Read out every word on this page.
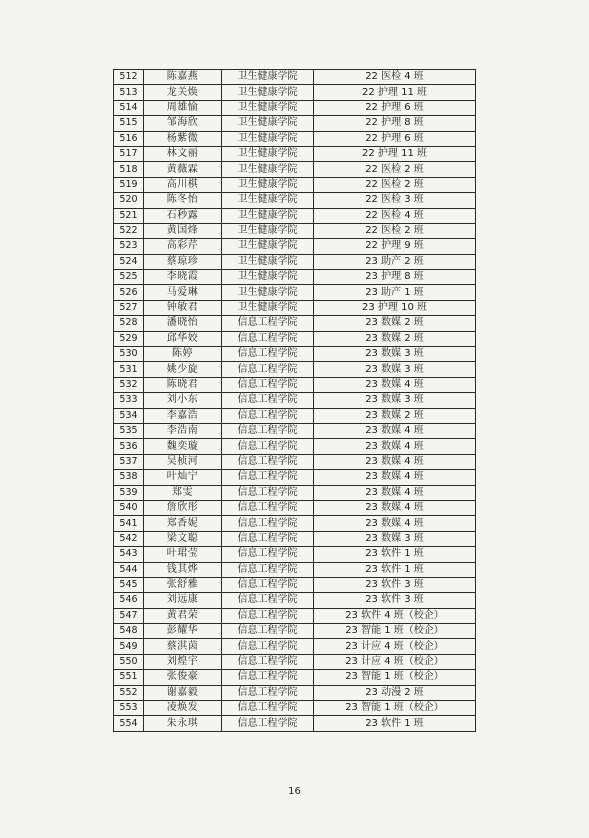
512	陈嘉燕	卫生健康学院	22 医检 4 班
513	龙关焕	卫生健康学院	22 护理 11 班
514	周雄愉	卫生健康学院	22 护理 6 班
515	邹海欣	卫生健康学院	22 护理 8 班
516	杨紫微	卫生健康学院	22 护理 6 班
517	林文丽	卫生健康学院	22 护理 11 班
518	黄薇霖	卫生健康学院	22 医检 2 班
519	高川棋	卫生健康学院	22 医检 2 班
520	陈冬怡	卫生健康学院	22 医检 3 班
521	石秒露	卫生健康学院	22 医检 4 班
522	黄国烽	卫生健康学院	22 医检 2 班
523	高彩芹	卫生健康学院	22 护理 9 班
524	蔡琼珍	卫生健康学院	23 助产 2 班
525	李晓霞	卫生健康学院	23 护理 8 班
526	马爱琳	卫生健康学院	23 助产 1 班
527	钟敏君	卫生健康学院	23 护理 10 班
528	潘晓怡	信息工程学院	23 数媒 2 班
529	邱华姣	信息工程学院	23 数媒 2 班
530	陈婷	信息工程学院	23 数媒 3 班
531	姚少旋	信息工程学院	23 数媒 3 班
532	陈晓君	信息工程学院	23 数媒 4 班
533	刘小东	信息工程学院	23 数媒 3 班
534	李嘉浩	信息工程学院	23 数媒 2 班
535	李浩南	信息工程学院	23 数媒 4 班
536	魏奕璇	信息工程学院	23 数媒 4 班
537	吴桢河	信息工程学院	23 数媒 4 班
538	叶灿宁	信息工程学院	23 数媒 4 班
539	郑雯	信息工程学院	23 数媒 4 班
540	詹欣彤	信息工程学院	23 数媒 4 班
541	郑香妮	信息工程学院	23 数媒 4 班
542	梁文聪	信息工程学院	23 数媒 3 班
543	叶珺莹	信息工程学院	23 软件 1 班
544	钱其烨	信息工程学院	23 软件 1 班
545	张舒雅	信息工程学院	23 软件 3 班
546	刘远康	信息工程学院	23 软件 3 班
547	黄君荣	信息工程学院	23 软件 4 班（校企）
548	彭耀华	信息工程学院	23 智能 1 班（校企）
549	蔡淇茵	信息工程学院	23 计应 4 班（校企）
550	刘煌宇	信息工程学院	23 计应 4 班（校企）
551	张俊豪	信息工程学院	23 智能 1 班（校企）
552	谢嘉毅	信息工程学院	23 动漫 2 班
553	凌焕发	信息工程学院	23 智能 1 班（校企）
554	朱永琪	信息工程学院	23 软件 1 班
16
